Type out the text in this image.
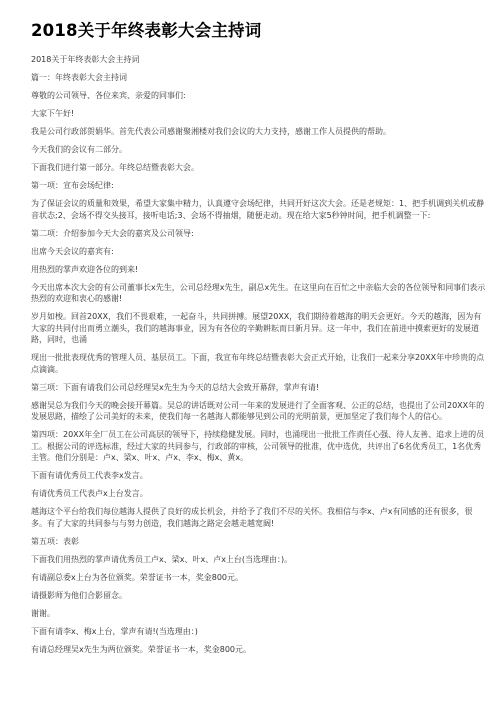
2018关于年终表彰大会主持词

2018关于年终表彰大会主持词

篇一：年终表彰大会主持词

尊敬的公司领导、各位来宾、亲爱的同事们:

大家下午好!

我是公司行政部贺娟华。首先代表公司感谢聚湘楼对我们会议的大力支持，感谢工作人员提供的帮助。

今天我们的会议有二部分。

下面我们进行第一部分。年终总结暨表彰大会。

第一项：宣布会场纪律:

为了保证会议的质量和效果，希望大家集中精力，认真遵守会场纪律，共同开好这次大会。还是老规矩：1、把手机调到关机或静音状态;2、会场不得交头接耳，接听电话;3、会场不得抽烟，随便走动。现在给大家5秒钟时间，把手机调整一下:

第二项：介绍参加今天大会的嘉宾及公司领导:

出席今天会议的嘉宾有:

用热烈的掌声欢迎各位的到来!

今天出席本次大会的有公司董事长x先生，公司总经理x先生，副总x先生。在这里向在百忙之中亲临大会的各位领导和同事们表示热烈的欢迎和衷心的感谢!

岁月如梭。回首20XX，我们不畏艰难，一起奋斗，共同拼搏。展望20XX，我们期待着越海的明天会更好。今天的越海，因为有大家的共同付出而勇立潮头，我们的越海事业，因为有各位的辛勤耕耘而日新月异。这一年中，我们在前进中摸索更好的发展道路，同时，也涌

现出一批批表现优秀的管理人员、基层员工。下面，我宣布年终总结暨表彰大会正式开始，让我们一起来分享20XX年中珍贵的点点滴滴。

第三项：下面有请我们公司总经理吴x先生为今天的总结大会致开幕辞，掌声有请!

感谢吴总为我们今天的晚会接开幕篇。吴总的讲话既对公司一年来的发展进行了全面客观、公正的总结，也提出了公司20XX年的发展思路，描绘了公司美好的未来，使我们每一名越海人都能够见到公司的光明前景，更加坚定了我们每个人的信心。

第四项：20XX年全厂员工在公司高层的领导下，持续稳健发展。同时，也涌现出一批批工作责任心强、待人友善、追求上进的员工。根据公司的评选标准，经过大家的共同参与，行政部的审核，公司领导的批准，优中选优，共评出了6名优秀员工，1名优秀主管。他们分别是：卢x、梁x、叶x、卢x、李x、梅x、黄x。

下面有请优秀员工代表李x发言。

有请优秀员工代表卢x上台发言。

越海这个平台给我们每位越海人提供了良好的成长机会，并给予了我们不尽的关怀。我相信与李x、卢x有同感的还有很多，很多。有了大家的共同参与与努力创造，我们越海之路定会越走越宽阔!

第五项：表彰

下面我们用热烈的掌声请优秀员工卢x、梁x、叶x、卢x上台(当选理由：)。

有请副总委x上台为各位颁奖。荣誉证书一本，奖金800元。

请摄影师为他们合影留念。

谢谢。

下面有请李x、梅x上台，掌声有请!(当选理由：)

有请总经理吴x先生为两位颁奖。荣誉证书一本，奖金800元。
